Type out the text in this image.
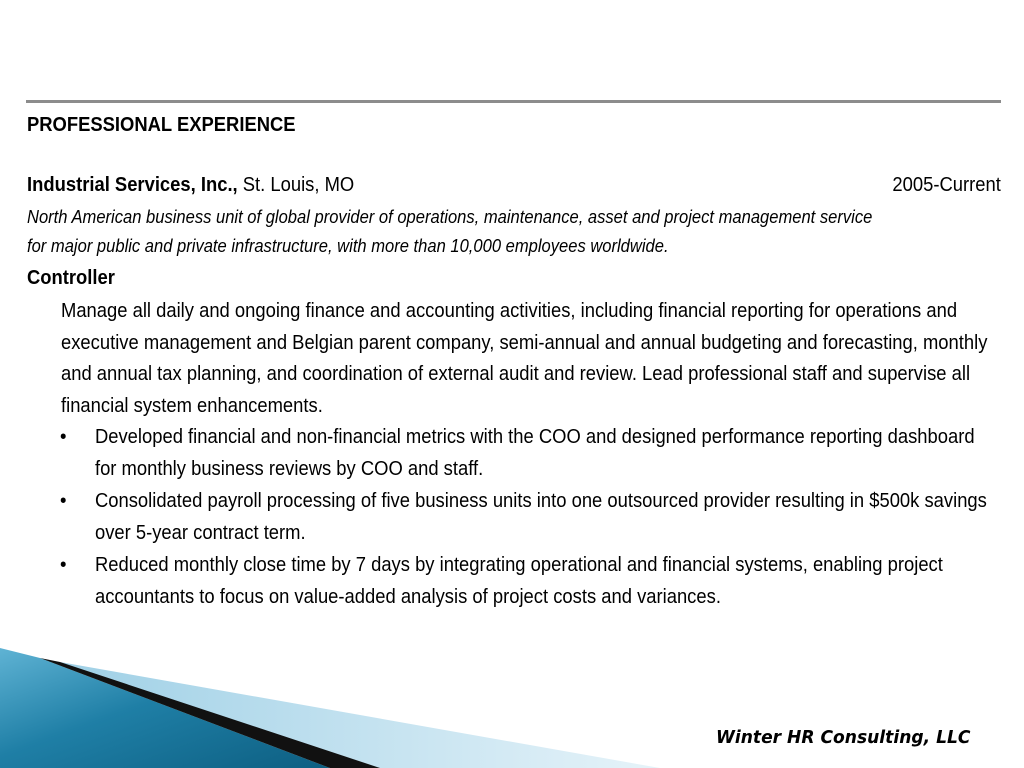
PROFESSIONAL EXPERIENCE
Industrial Services, Inc., St. Louis, MO	2005-Current
North American business unit of global provider of operations, maintenance, asset and project management service
for major public and private infrastructure, with more than 10,000 employees worldwide.
Controller
Manage all daily and ongoing finance and accounting activities, including financial reporting for operations and executive management and Belgian parent company, semi-annual and annual budgeting and forecasting, monthly and annual tax planning, and coordination of external audit and review. Lead professional staff and supervise all financial system enhancements.
•	Developed financial and non-financial metrics with the COO and designed performance reporting dashboard for monthly business reviews by COO and staff.
•	Consolidated payroll processing of five business units into one outsourced provider resulting in $500k savings over 5-year contract term.
•	Reduced monthly close time by 7 days by integrating operational and financial systems, enabling project accountants to focus on value-added analysis of project costs and variances.
Winter HR Consulting, LLC
